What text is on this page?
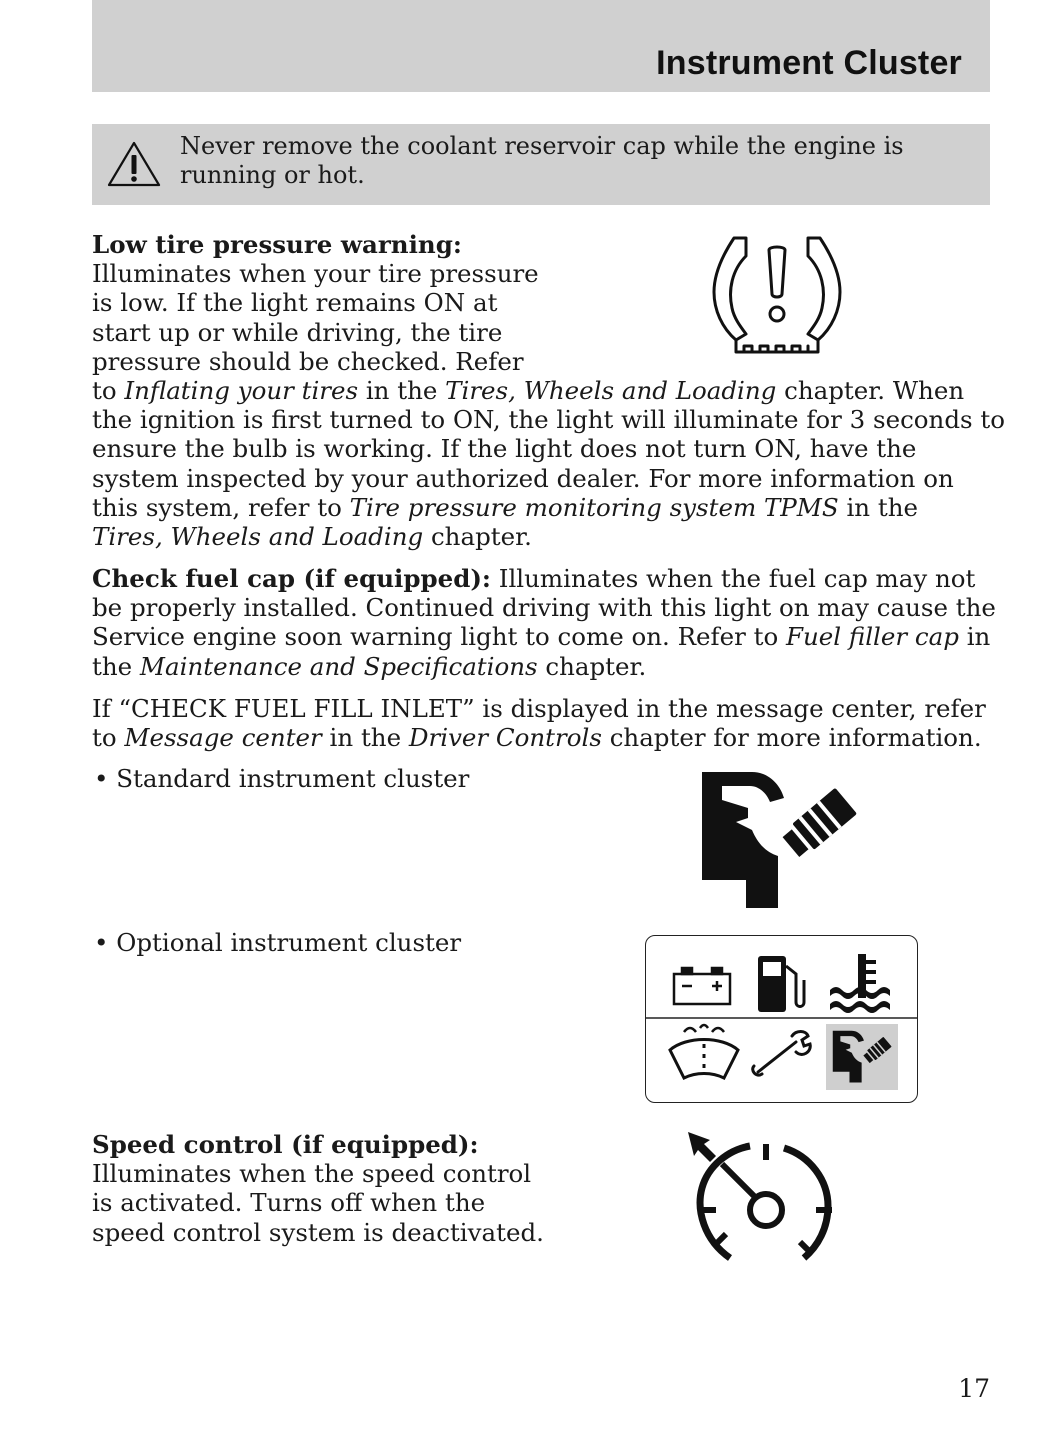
Instrument Cluster
Never remove the coolant reservoir cap while the engine is
running or hot.
Low tire pressure warning:
Illuminates when your tire pressure
is low. If the light remains ON at
start up or while driving, the tire
pressure should be checked. Refer
to Inflating your tires in the Tires, Wheels and Loading chapter. When
the ignition is first turned to ON, the light will illuminate for 3 seconds to
ensure the bulb is working. If the light does not turn ON, have the
system inspected by your authorized dealer. For more information on
this system, refer to Tire pressure monitoring system TPMS in the
Tires, Wheels and Loading chapter.
Check fuel cap (if equipped): Illuminates when the fuel cap may not
be properly installed. Continued driving with this light on may cause the
Service engine soon warning light to come on. Refer to Fuel filler cap in
the Maintenance and Specifications chapter.
If “CHECK FUEL FILL INLET” is displayed in the message center, refer
to Message center in the Driver Controls chapter for more information.
• Standard instrument cluster
• Optional instrument cluster
Speed control (if equipped):
Illuminates when the speed control
is activated. Turns off when the
speed control system is deactivated.
17
